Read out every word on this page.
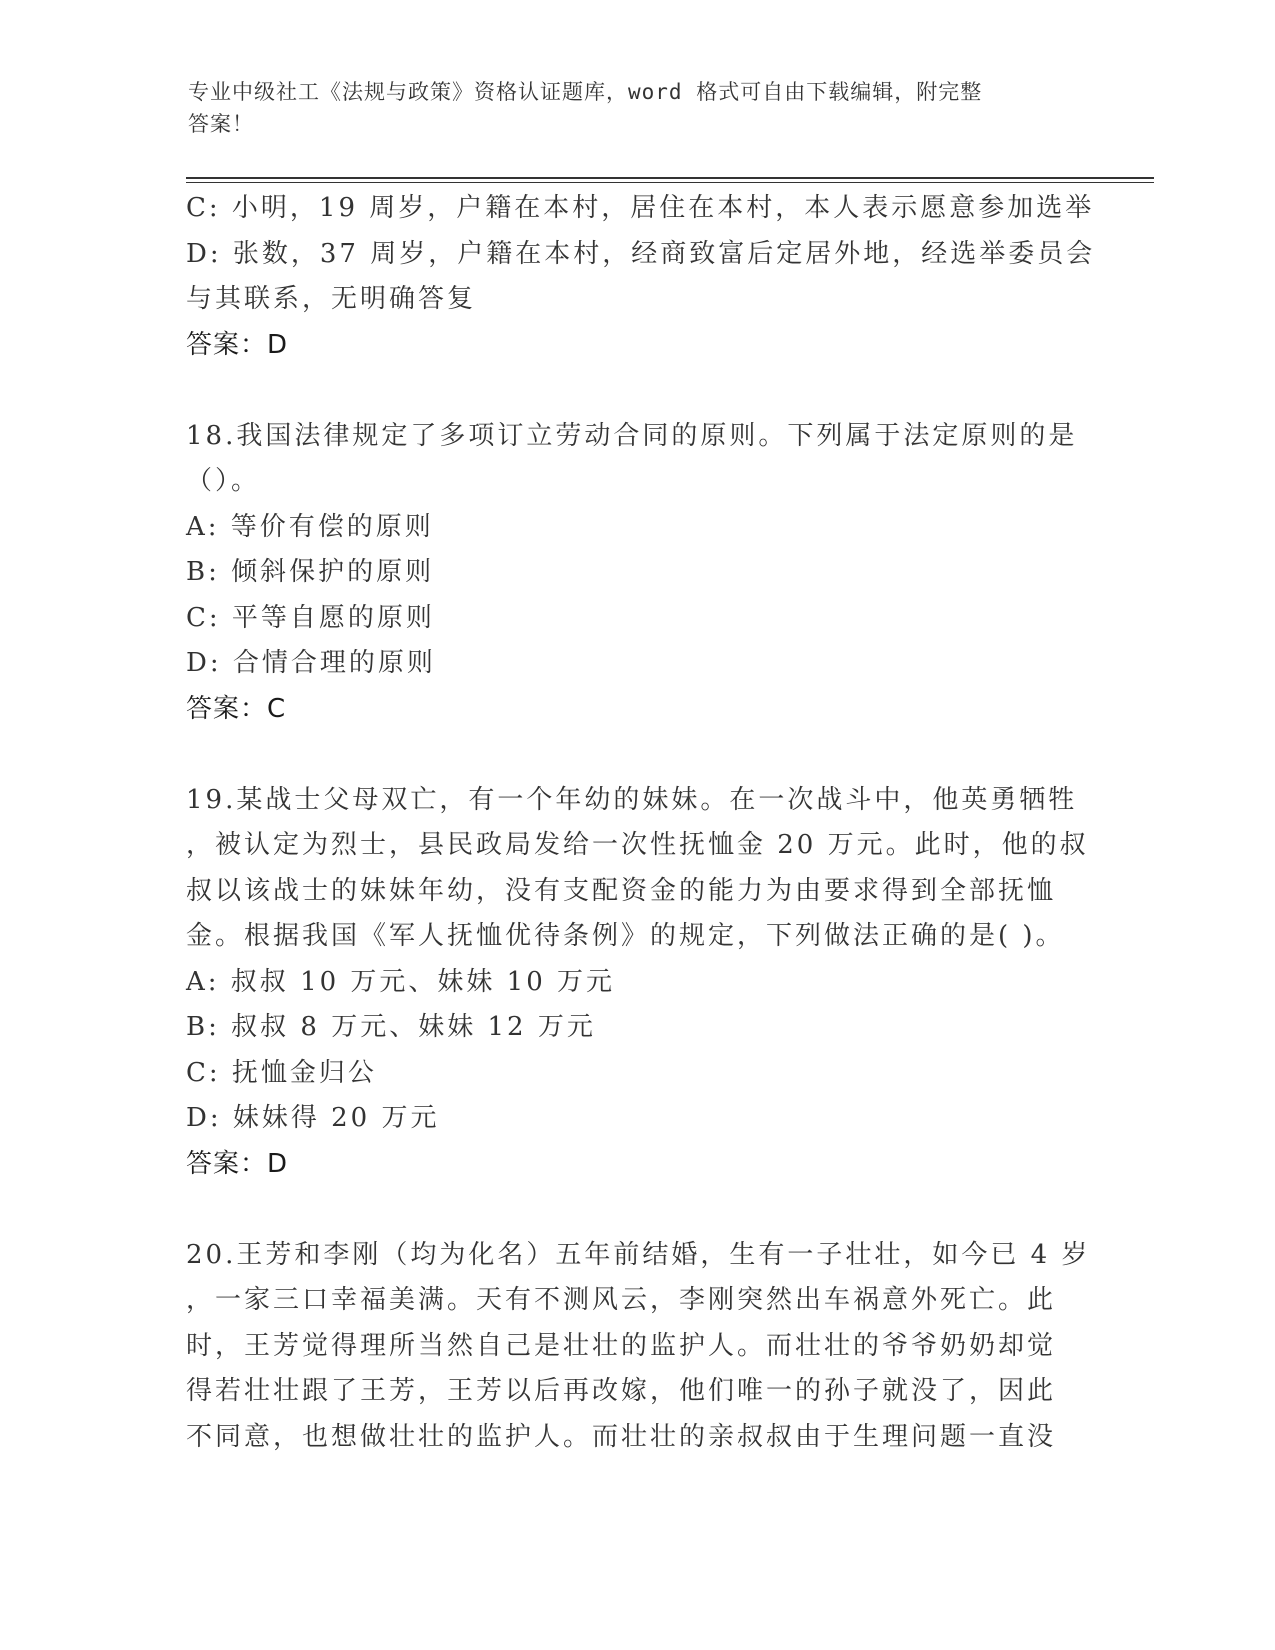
专业中级社工《法规与政策》资格认证题库，word 格式可自由下载编辑，附完整
答案！
C: 小明，19 周岁，户籍在本村，居住在本村，本人表示愿意参加选举
D: 张数，37 周岁，户籍在本村，经商致富后定居外地，经选举委员会
与其联系，无明确答复
答案：D
18.我国法律规定了多项订立劳动合同的原则。下列属于法定原则的是
（）。
A: 等价有偿的原则
B: 倾斜保护的原则
C: 平等自愿的原则
D: 合情合理的原则
答案：C
19.某战士父母双亡，有一个年幼的妹妹。在一次战斗中，他英勇牺牲
，被认定为烈士，县民政局发给一次性抚恤金 20 万元。此时，他的叔
叔以该战士的妹妹年幼，没有支配资金的能力为由要求得到全部抚恤
金。根据我国《军人抚恤优待条例》的规定，下列做法正确的是( )。
A: 叔叔 10 万元、妹妹 10 万元
B: 叔叔 8 万元、妹妹 12 万元
C: 抚恤金归公
D: 妹妹得 20 万元
答案：D
20.王芳和李刚（均为化名）五年前结婚，生有一子壮壮，如今已 4 岁
，一家三口幸福美满。天有不测风云，李刚突然出车祸意外死亡。此
时，王芳觉得理所当然自己是壮壮的监护人。而壮壮的爷爷奶奶却觉
得若壮壮跟了王芳，王芳以后再改嫁，他们唯一的孙子就没了，因此
不同意，也想做壮壮的监护人。而壮壮的亲叔叔由于生理问题一直没
